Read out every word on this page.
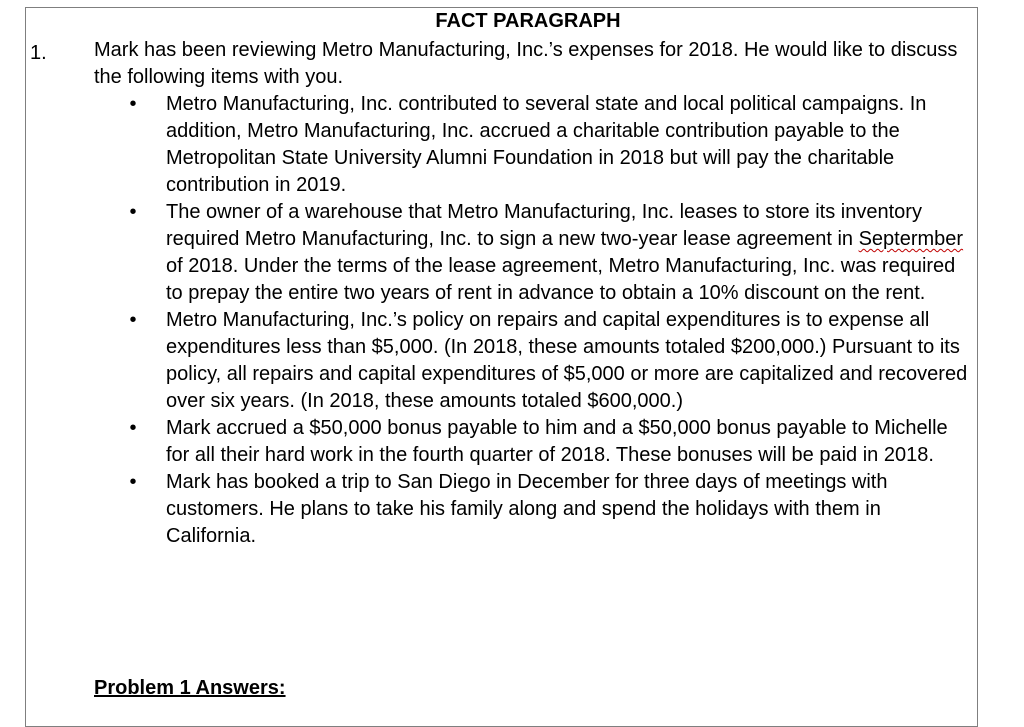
FACT PARAGRAPH
1. Mark has been reviewing Metro Manufacturing, Inc.’s expenses for 2018. He would like to discuss the following items with you.

• Metro Manufacturing, Inc. contributed to several state and local political campaigns. In addition, Metro Manufacturing, Inc. accrued a charitable contribution payable to the Metropolitan State University Alumni Foundation in 2018 but will pay the charitable contribution in 2019.
• The owner of a warehouse that Metro Manufacturing, Inc. leases to store its inventory required Metro Manufacturing, Inc. to sign a new two-year lease agreement in Septermber of 2018. Under the terms of the lease agreement, Metro Manufacturing, Inc. was required to prepay the entire two years of rent in advance to obtain a 10% discount on the rent.
• Metro Manufacturing, Inc.’s policy on repairs and capital expenditures is to expense all expenditures less than $5,000. (In 2018, these amounts totaled $200,000.) Pursuant to its policy, all repairs and capital expenditures of $5,000 or more are capitalized and recovered over six years. (In 2018, these amounts totaled $600,000.)
• Mark accrued a $50,000 bonus payable to him and a $50,000 bonus payable to Michelle for all their hard work in the fourth quarter of 2018. These bonuses will be paid in 2018.
• Mark has booked a trip to San Diego in December for three days of meetings with customers. He plans to take his family along and spend the holidays with them in California.
Problem 1 Answers:
